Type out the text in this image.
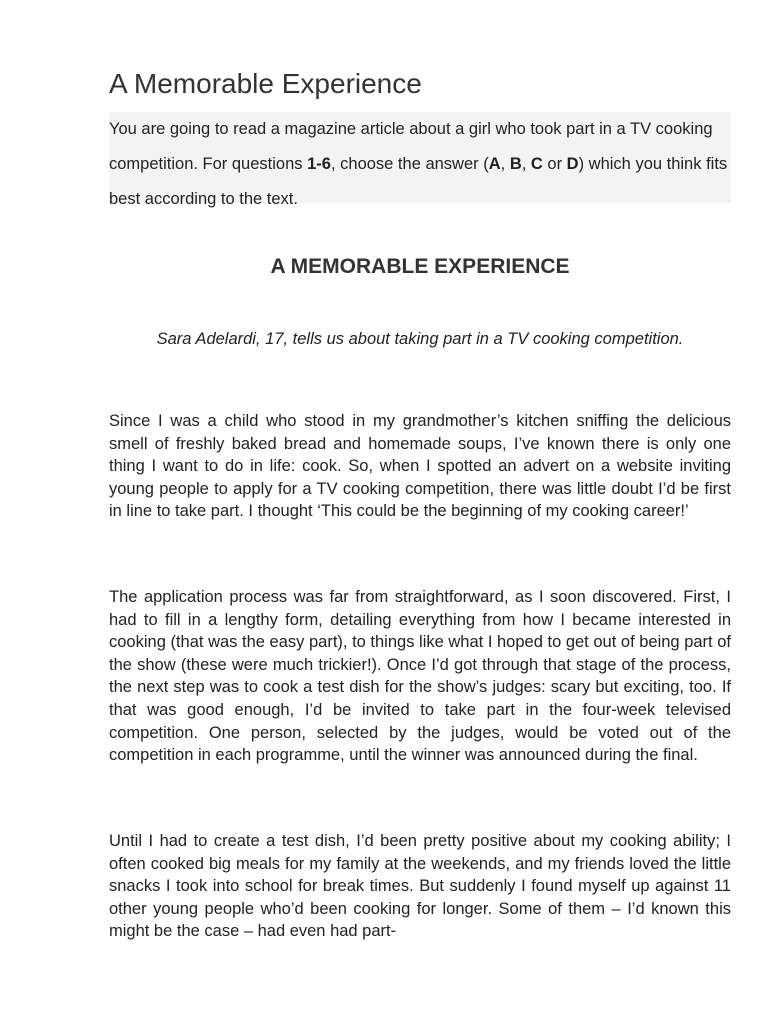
A Memorable Experience
You are going to read a magazine article about a girl who took part in a TV cooking competition. For questions 1-6, choose the answer (A, B, C or D) which you think fits best according to the text.
A MEMORABLE EXPERIENCE
Sara Adelardi, 17, tells us about taking part in a TV cooking competition.

Since I was a child who stood in my grandmother’s kitchen sniffing the delicious smell of freshly baked bread and homemade soups, I’ve known there is only one thing I want to do in life: cook. So, when I spotted an advert on a website inviting young people to apply for a TV cooking competition, there was little doubt I’d be first in line to take part. I thought ‘This could be the beginning of my cooking career!’

The application process was far from straightforward, as I soon discovered. First, I had to fill in a lengthy form, detailing everything from how I became interested in cooking (that was the easy part), to things like what I hoped to get out of being part of the show (these were much trickier!). Once I’d got through that stage of the process, the next step was to cook a test dish for the show’s judges: scary but exciting, too. If that was good enough, I’d be invited to take part in the four-week televised competition. One person, selected by the judges, would be voted out of the competition in each programme, until the winner was announced during the final.

Until I had to create a test dish, I’d been pretty positive about my cooking ability; I often cooked big meals for my family at the weekends, and my friends loved the little snacks I took into school for break times. But suddenly I found myself up against 11 other young people who’d been cooking for longer. Some of them – I’d known this might be the case – had even had part-
